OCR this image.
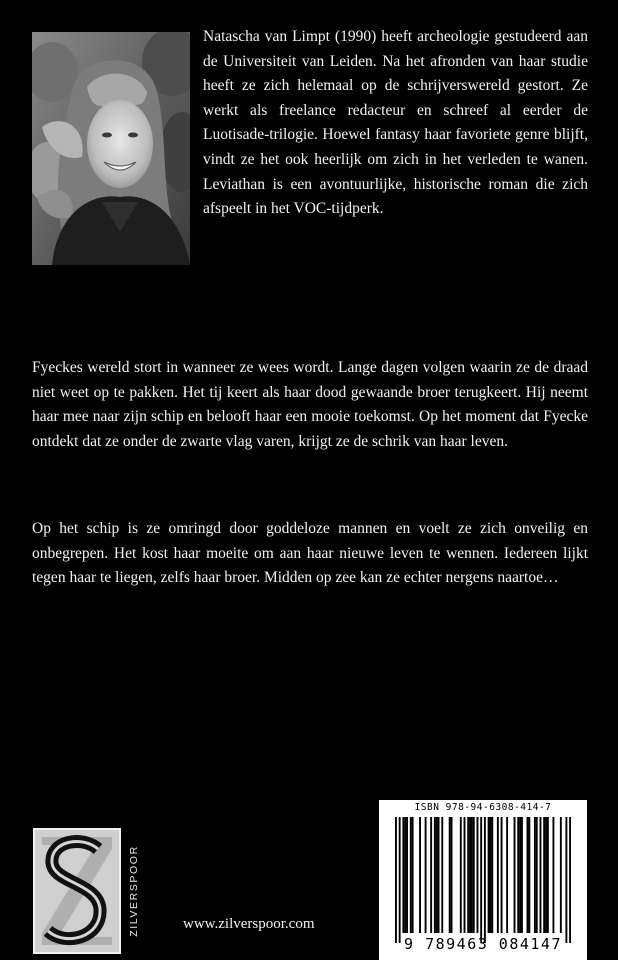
Natascha van Limpt (1990) heeft archeologie gestudeerd aan de Universiteit van Leiden. Na het afronden van haar studie heeft ze zich helemaal op de schrijverswereld gestort. Ze werkt als freelance redacteur en schreef al eerder de Luotisade-trilogie. Hoewel fantasy haar favoriete genre blijft, vindt ze het ook heerlijk om zich in het verleden te wanen. Leviathan is een avontuurlijke, historische roman die zich afspeelt in het VOC-tijdperk.

Fyeckes wereld stort in wanneer ze wees wordt. Lange dagen volgen waarin ze de draad niet weet op te pakken. Het tij keert als haar dood gewaande broer terugkeert. Hij neemt haar mee naar zijn schip en belooft haar een mooie toekomst. Op het moment dat Fyecke ontdekt dat ze onder de zwarte vlag varen, krijgt ze de schrik van haar leven.

Op het schip is ze omringd door goddeloze mannen en voelt ze zich onveilig en onbegrepen. Het kost haar moeite om aan haar nieuwe leven te wennen. Iedereen lijkt tegen haar te liegen, zelfs haar broer. Midden op zee kan ze echter nergens naartoe…

ZILVERSPOOR	www.zilverspoor.com
ISBN 978-94-6308-414-7
9 789463 084147
